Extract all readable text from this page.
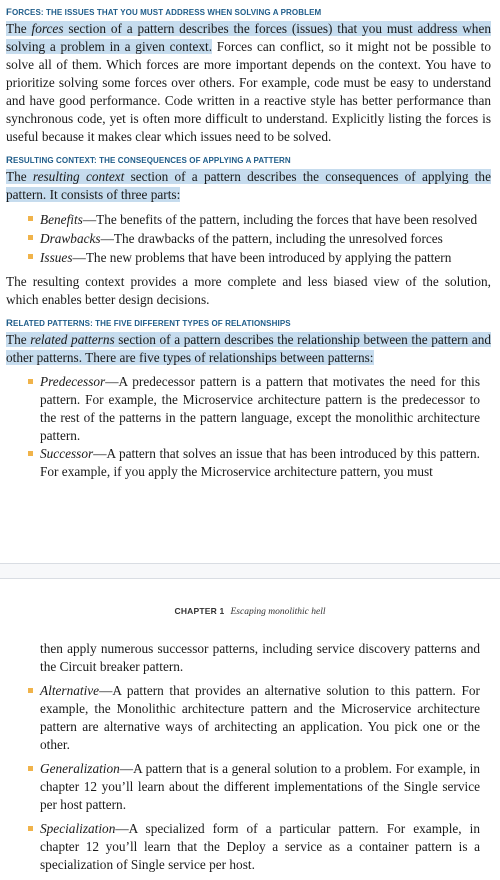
FORCES: THE ISSUES THAT YOU MUST ADDRESS WHEN SOLVING A PROBLEM

The forces section of a pattern describes the forces (issues) that you must address when solving a problem in a given context. Forces can conflict, so it might not be possible to solve all of them. Which forces are more important depends on the context. You have to prioritize solving some forces over others. For example, code must be easy to understand and have good performance. Code written in a reactive style has better performance than synchronous code, yet is often more difficult to understand. Explicitly listing the forces is useful because it makes clear which issues need to be solved.

RESULTING CONTEXT: THE CONSEQUENCES OF APPLYING A PATTERN

The resulting context section of a pattern describes the consequences of applying the pattern. It consists of three parts:

Benefits—The benefits of the pattern, including the forces that have been resolved
Drawbacks—The drawbacks of the pattern, including the unresolved forces
Issues—The new problems that have been introduced by applying the pattern

The resulting context provides a more complete and less biased view of the solution, which enables better design decisions.

RELATED PATTERNS: THE FIVE DIFFERENT TYPES OF RELATIONSHIPS

The related patterns section of a pattern describes the relationship between the pattern and other patterns. There are five types of relationships between patterns:

Predecessor—A predecessor pattern is a pattern that motivates the need for this pattern. For example, the Microservice architecture pattern is the predecessor to the rest of the patterns in the pattern language, except the monolithic architecture pattern.
Successor—A pattern that solves an issue that has been introduced by this pattern. For example, if you apply the Microservice architecture pattern, you must
CHAPTER 1 Escaping monolithic hell

then apply numerous successor patterns, including service discovery patterns and the Circuit breaker pattern.

Alternative—A pattern that provides an alternative solution to this pattern. For example, the Monolithic architecture pattern and the Microservice architecture pattern are alternative ways of architecting an application. You pick one or the other.
Generalization—A pattern that is a general solution to a problem. For example, in chapter 12 you’ll learn about the different implementations of the Single service per host pattern.
Specialization—A specialized form of a particular pattern. For example, in chapter 12 you’ll learn that the Deploy a service as a container pattern is a specialization of Single service per host.
